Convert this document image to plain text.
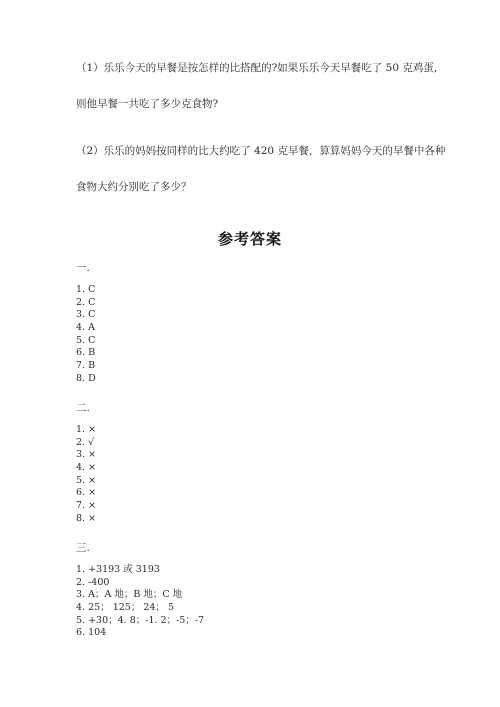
（1）乐乐今天的早餐是按怎样的比搭配的?如果乐乐今天早餐吃了 50 克鸡蛋,
则他早餐一共吃了多少克食物?
（2）乐乐的妈妈按同样的比大约吃了 420 克早餐，算算妈妈今天的早餐中各种
食物大约分别吃了多少？
参考答案
一.
1. C
2. C
3. C
4. A
5. C
6. B
7. B
8. D
二.
1. ×
2. √
3. ×
4. ×
5. ×
6. ×
7. ×
8. ×
三.
1. +3193 或 3193
2. -400
3. A；A 地；B 地；C 地
4. 25； 125； 24； 5
5. +30；4. 8；-1. 2；-5；-7
6. 104
